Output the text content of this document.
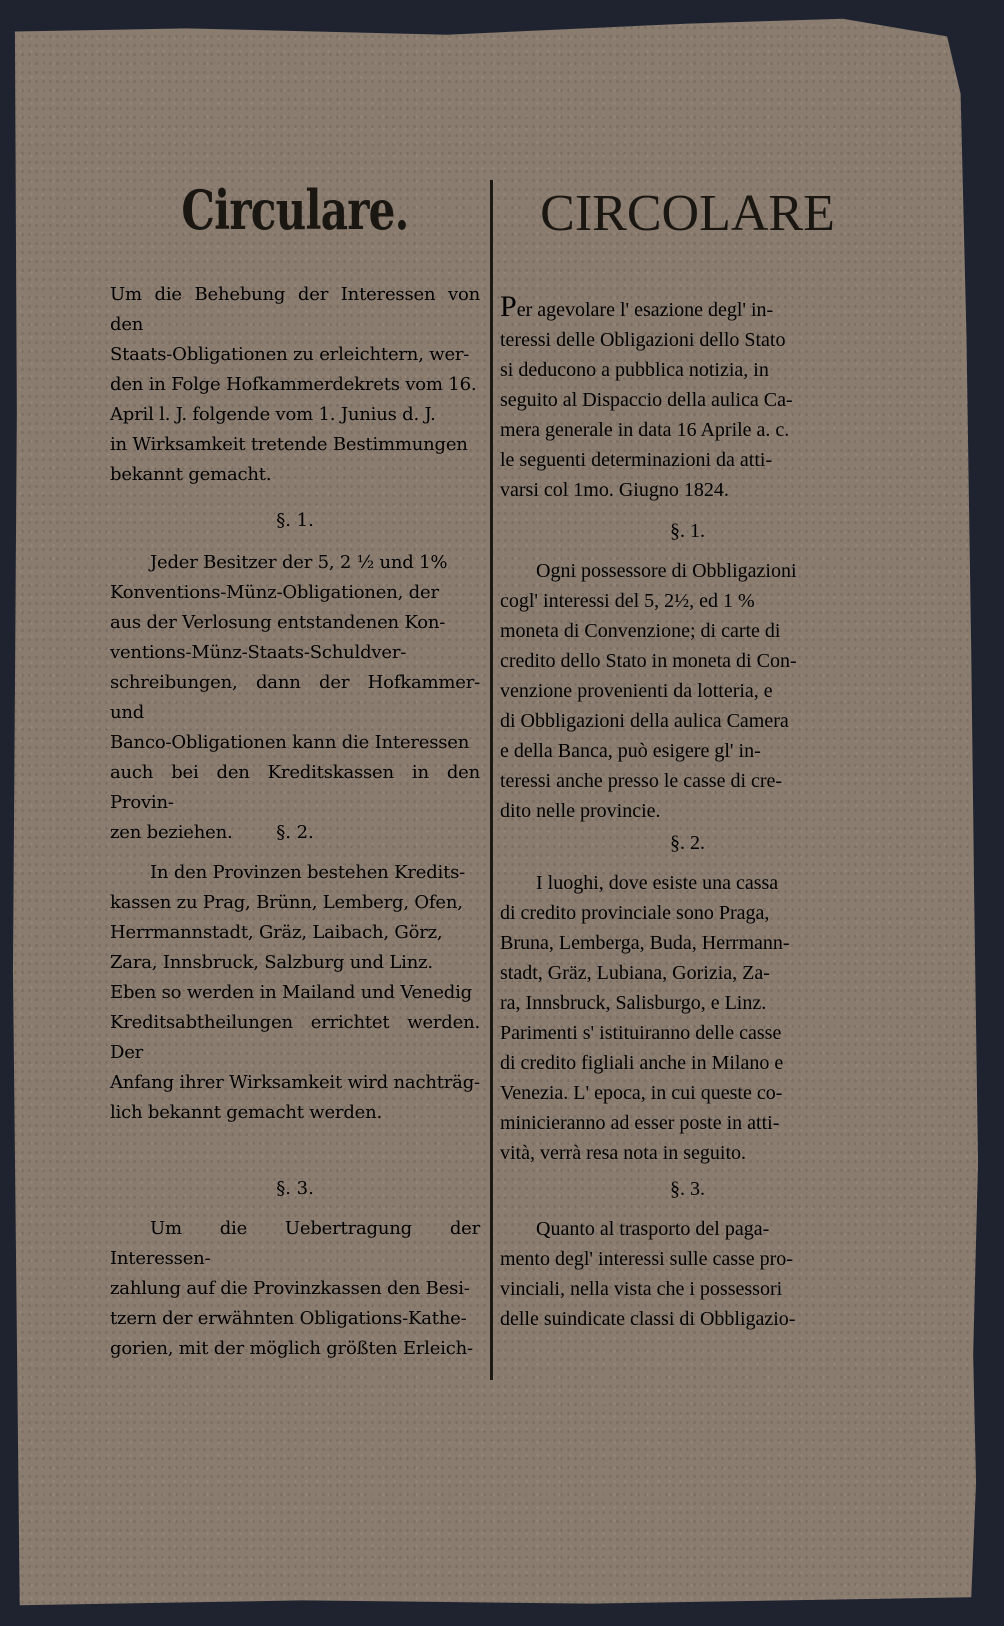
Circulare.

Um die Behebung der Interessen von den
Staats-Obligationen zu erleichtern, wer-
den in Folge Hofkammerdekrets vom 16.
April l. J. folgende vom 1. Junius d. J.
in Wirksamkeit tretende Bestimmungen
bekannt gemacht.

§. 1.

Jeder Besitzer der 5, 2 ½ und 1%
Konventions-Münz-Obligationen, der
aus der Verlosung entstandenen Kon-
ventions-Münz-Staats-Schuldver-
schreibungen, dann der Hofkammer- und
Banco-Obligationen kann die Interessen
auch bei den Kreditskassen in den Provin-
zen beziehen.	§. 2.

In den Provinzen bestehen Kredits-
kassen zu Prag, Brünn, Lemberg, Ofen,
Herrmannstadt, Gräz, Laibach, Görz,
Zara, Innsbruck, Salzburg und Linz.
Eben so werden in Mailand und Venedig
Kreditsabtheilungen errichtet werden. Der
Anfang ihrer Wirksamkeit wird nachträg-
lich bekannt gemacht werden.

§. 3.

Um die Uebertragung der Interessen-
zahlung auf die Provinzkassen den Besi-
tzern der erwähnten Obligations-Kathe-
gorien, mit der möglich größten Erleich-

CIRCOLARE

Per agevolare l' esazione degl' in-
teressi delle Obligazioni dello Stato
si deducono a pubblica notizia, in
seguito al Dispaccio della aulica Ca-
mera generale in data 16 Aprile a. c.
le seguenti determinazioni da atti-
varsi col 1mo. Giugno 1824.

§. 1.

Ogni possessore di Obbligazioni
cogl' interessi del 5, 2½, ed 1 %
moneta di Convenzione; di carte di
credito dello Stato in moneta di Con-
venzione provenienti da lotteria, e
di Obbligazioni della aulica Camera
e della Banca, può esigere gl' in-
teressi anche presso le casse di cre-
dito nelle provincie.

§. 2.

I luoghi, dove esiste una cassa
di credito provinciale sono Praga,
Bruna, Lemberga, Buda, Herrmann-
stadt, Gräz, Lubiana, Gorizia, Za-
ra, Innsbruck, Salisburgo, e Linz.
Parimenti s' istituiranno delle casse
di credito figliali anche in Milano e
Venezia. L' epoca, in cui queste co-
minicieranno ad esser poste in atti-
vità, verrà resa nota in seguito.

§. 3.

Quanto al trasporto del paga-
mento degl' interessi sulle casse pro-
vinciali, nella vista che i possessori
delle suindicate classi di Obbligazio-
